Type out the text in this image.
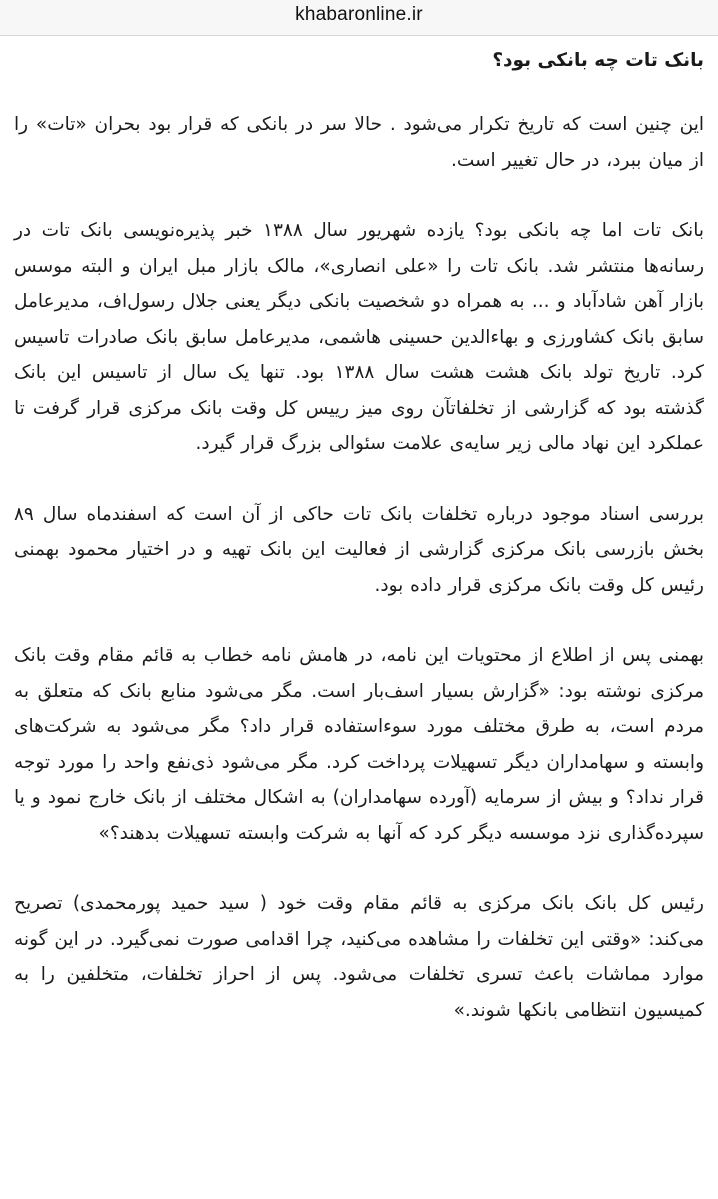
khabaronline.ir
بانک تات چه بانکی بود؟

این چنین است که تاریخ تکرار می‌شود . حالا سر در بانکی که قرار بود بحران «تات» را از میان ببرد، در حال تغییر است.

بانک تات اما چه بانکی بود؟ یازده شهریور سال ۱۳۸۸ خبر پذیره‌نویسی بانک تات در رسانه‌ها منتشر شد. بانک تات را «علی انصاری»، مالک بازار مبل ایران و البته موسس بازار آهن شادآباد و ... به همراه دو شخصیت بانکی دیگر یعنی جلال رسول‌اف، مدیرعامل سابق بانک کشاورزی و بهاءالدین حسینی هاشمی، مدیرعامل سابق بانک صادرات تاسیس کرد. تاریخ تولد بانک هشت هشت سال ۱۳۸۸ بود. تنها یک سال از تاسیس این بانک گذشته بود که گزارشی از تخلفاتآن روی میز رییس کل وقت بانک مرکزی قرار گرفت تا عملکرد این نهاد مالی زیر سایه‌ی علامت سئوالی بزرگ قرار گیرد.

بررسی اسناد موجود درباره تخلفات بانک تات حاکی از آن است که اسفندماه سال ۸۹ بخش بازرسی بانک مرکزی گزارشی از فعالیت این بانک تهیه و در اختیار محمود بهمنی رئیس کل وقت بانک مرکزی قرار داده بود.

بهمنی پس از اطلاع از محتویات این نامه، در هامش نامه خطاب به قائم مقام وقت بانک مرکزی نوشته بود: «گزارش بسیار اسف‌بار است. مگر می‌شود منابع بانک که متعلق به مردم است، به طرق مختلف مورد سوءاستفاده قرار داد؟ مگر می‌شود به شرکت‌های وابسته و سهامداران دیگر تسهیلات پرداخت کرد. مگر می‌شود ذی‌نفع واحد را مورد توجه قرار نداد؟ و بیش از سرمایه (آورده سهامداران) به اشکال مختلف از بانک خارج نمود و یا سپرده‌گذاری نزد موسسه دیگر کرد که آنها به شرکت وابسته تسهیلات بدهند؟»

رئیس کل بانک بانک مرکزی به قائم مقام وقت خود ( سید حمید پورمحمدی) تصریح می‌کند: «وقتی این تخلفات را مشاهده می‌کنید، چرا اقدامی صورت نمی‌گیرد. در این گونه موارد مماشات باعث تسری تخلفات می‌شود. پس از احراز تخلفات، متخلفین را به کمیسیون انتظامی بانکها شوند.»
